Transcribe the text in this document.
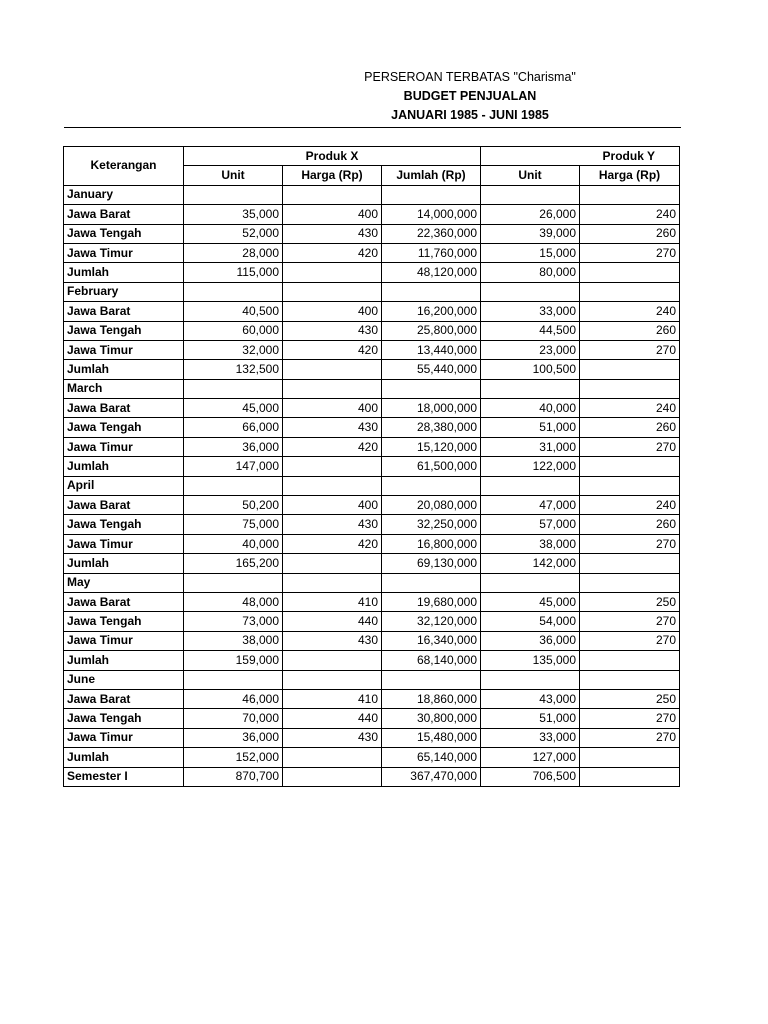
PERSEROAN TERBATAS "Charisma"
BUDGET PENJUALAN
JANUARI 1985 - JUNI 1985
Keterangan	Produk X			Produk Y	
	Unit	Harga (Rp)	Jumlah (Rp)	Unit	Harga (Rp)
January					
Jawa Barat	35,000	400	14,000,000	26,000	240
Jawa Tengah	52,000	430	22,360,000	39,000	260
Jawa Timur	28,000	420	11,760,000	15,000	270
Jumlah	115,000		48,120,000	80,000	
February					
Jawa Barat	40,500	400	16,200,000	33,000	240
Jawa Tengah	60,000	430	25,800,000	44,500	260
Jawa Timur	32,000	420	13,440,000	23,000	270
Jumlah	132,500		55,440,000	100,500	
March					
Jawa Barat	45,000	400	18,000,000	40,000	240
Jawa Tengah	66,000	430	28,380,000	51,000	260
Jawa Timur	36,000	420	15,120,000	31,000	270
Jumlah	147,000		61,500,000	122,000	
April					
Jawa Barat	50,200	400	20,080,000	47,000	240
Jawa Tengah	75,000	430	32,250,000	57,000	260
Jawa Timur	40,000	420	16,800,000	38,000	270
Jumlah	165,200		69,130,000	142,000	
May					
Jawa Barat	48,000	410	19,680,000	45,000	250
Jawa Tengah	73,000	440	32,120,000	54,000	270
Jawa Timur	38,000	430	16,340,000	36,000	270
Jumlah	159,000		68,140,000	135,000	
June					
Jawa Barat	46,000	410	18,860,000	43,000	250
Jawa Tengah	70,000	440	30,800,000	51,000	270
Jawa Timur	36,000	430	15,480,000	33,000	270
Jumlah	152,000		65,140,000	127,000	
Semester I	870,700		367,470,000	706,500	
